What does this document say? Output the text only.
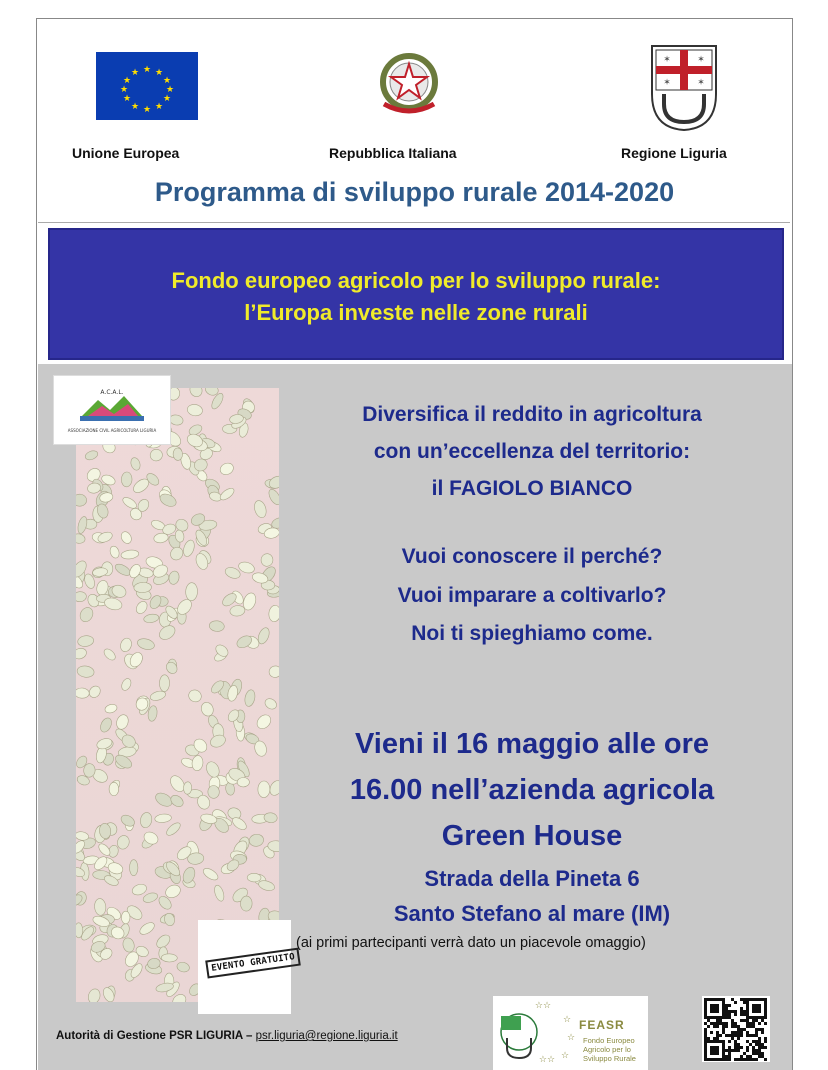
★ ★
★
★
★
★
★
★
★
★
★
★
✶	✶
✶	✶
Unione Europea	Repubblica Italiana	Regione Liguria
Programma di sviluppo rurale 2014-2020
Fondo europeo agricolo per lo sviluppo rurale:
l’Europa investe nelle zone rurali
A.C.A.L.
ASSOCIAZIONE CIVIL AGRICOLTURA LIGURIA
EVENTO GRATUITO
Diversifica il reddito in agricoltura
con un’eccellenza del territorio:
il FAGIOLO BIANCO
Vuoi conoscere il perché?
Vuoi imparare a coltivarlo?
Noi ti spieghiamo come.
Vieni il 16 maggio alle ore
16.00 nell’azienda agricola
Green House
Strada della Pineta 6
Santo Stefano al mare (IM)
(ai primi partecipanti verrà dato un piacevole omaggio)
Autorità di Gestione PSR LIGURIA – psr.liguria@regione.liguria.it
☆☆
☆
☆
☆
☆☆
FEASR
Fondo Europeo Agricolo per lo Sviluppo Rurale
